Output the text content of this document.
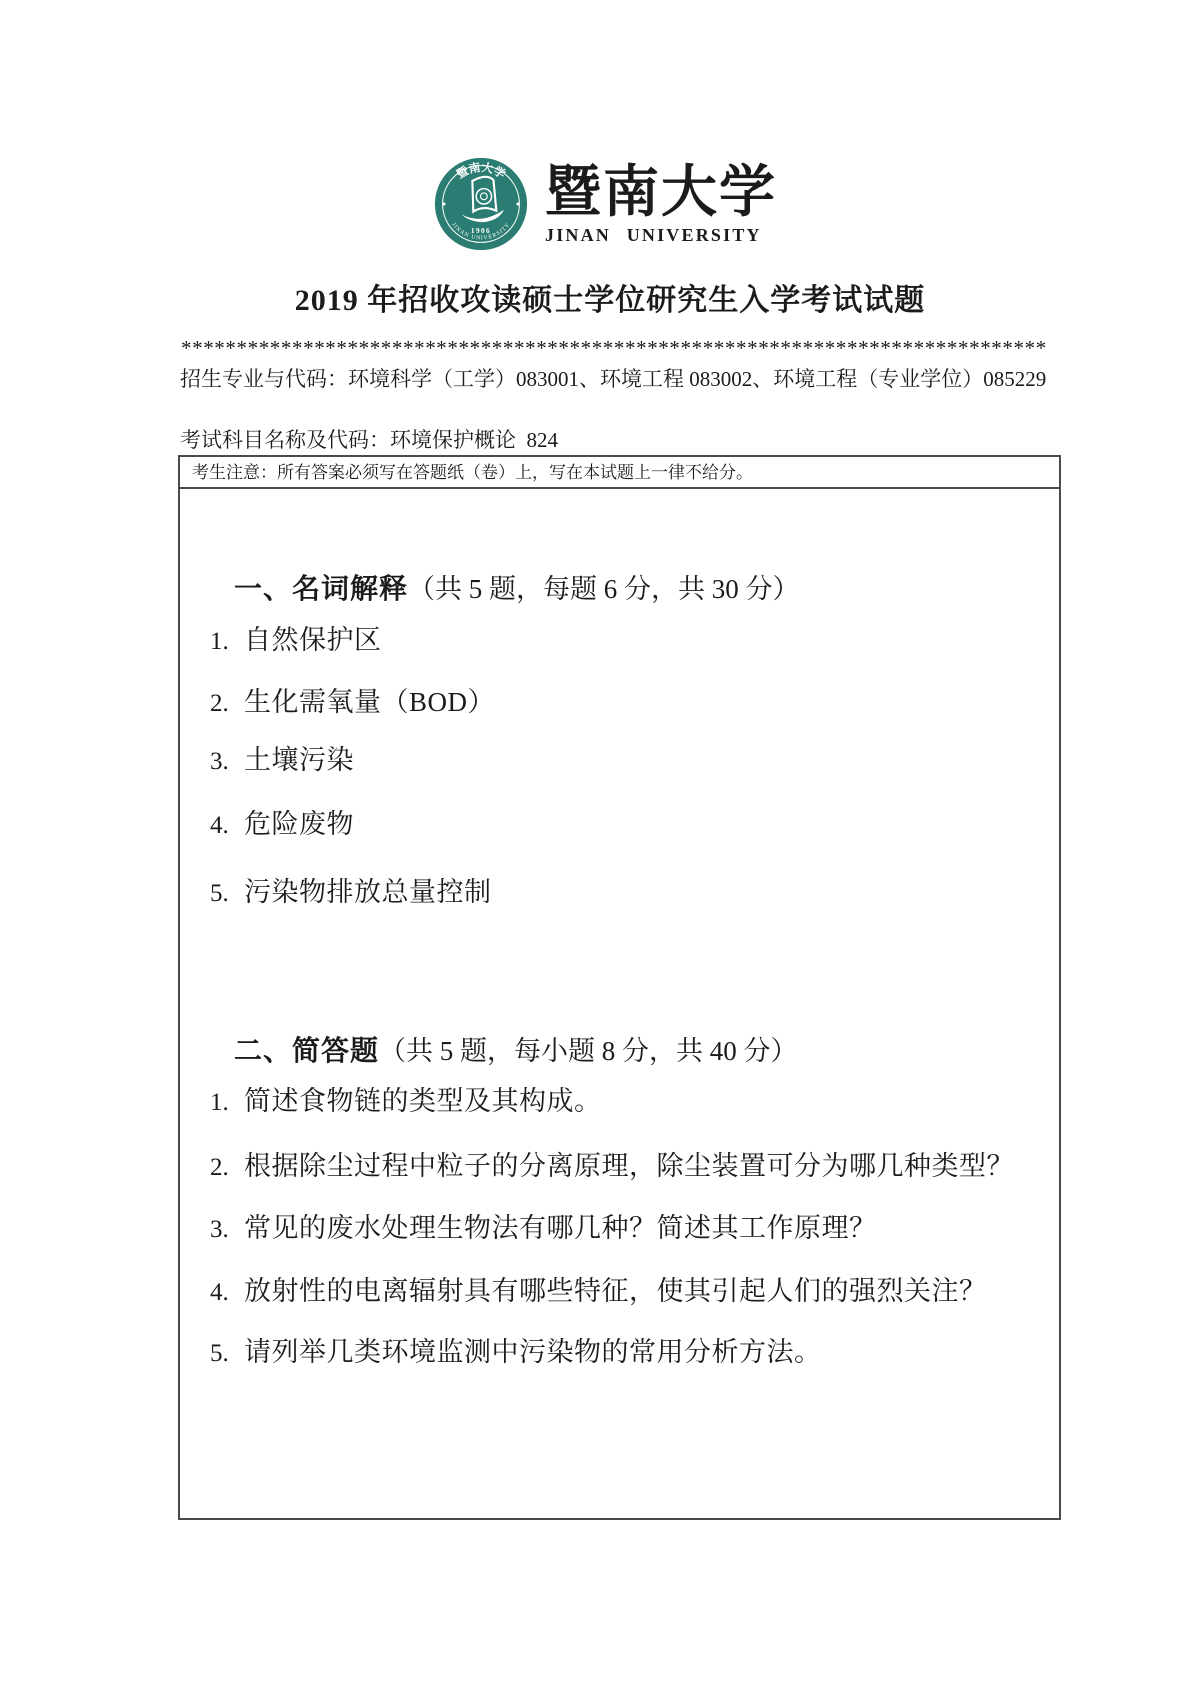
暨南大学
JINAN UNIVERSITY
1906
暨南大学
JINAN UNIVERSITY
2019 年招收攻读硕士学位研究生入学考试试题
******************************************************************************
招生专业与代码：环境科学（工学）083001、环境工程 083002、环境工程（专业学位）085229
考试科目名称及代码：环境保护概论  824
考生注意：所有答案必须写在答题纸（卷）上，写在本试题上一律不给分。

一、名词解释（共 5 题，每题 6 分，共 30 分）

1. 自然保护区
2. 生化需氧量（BOD）
3. 土壤污染
4. 危险废物
5. 污染物排放总量控制

二、简答题（共 5 题，每小题 8 分，共 40 分）

1. 简述食物链的类型及其构成。
2. 根据除尘过程中粒子的分离原理，除尘装置可分为哪几种类型？
3. 常见的废水处理生物法有哪几种？简述其工作原理？
4. 放射性的电离辐射具有哪些特征，使其引起人们的强烈关注？
5. 请列举几类环境监测中污染物的常用分析方法。
